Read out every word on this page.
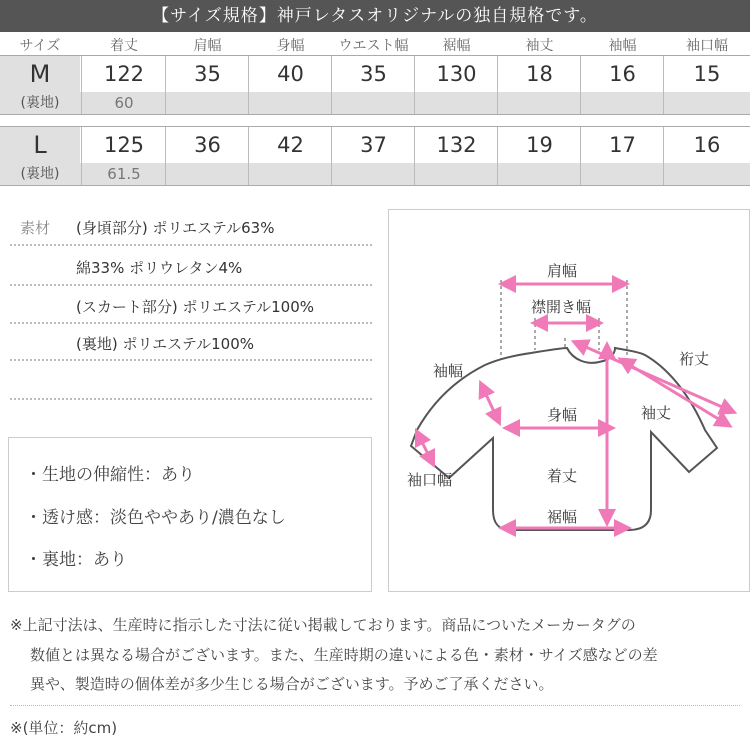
【サイズ規格】神戸レタスオリジナルの独自規格です。
サイズ	着丈	肩幅	身幅	ウエスト幅	裾幅	袖丈	袖幅	袖口幅
M	122	35	40	35	130	18	16	15
(裏地)	60
L	125	36	42	37	132	19	17	16
(裏地)	61.5
素材 (身頃部分) ポリエステル63%
綿33% ポリウレタン4%
(スカート部分) ポリエステル100%
(裏地) ポリエステル100%
・生地の伸縮性：あり
・透け感：淡色ややあり/濃色なし
・裏地：あり
肩幅
襟開き幅
裄丈
袖幅
袖丈
身幅
袖口幅	着丈
裾幅
※上記寸法は、生産時に指示した寸法に従い掲載しております。商品についたメーカータグの
数値とは異なる場合がございます。また、生産時期の違いによる色・素材・サイズ感などの差
異や、製造時の個体差が多少生じる場合がございます。予めご了承ください。
※(単位：約cm)
